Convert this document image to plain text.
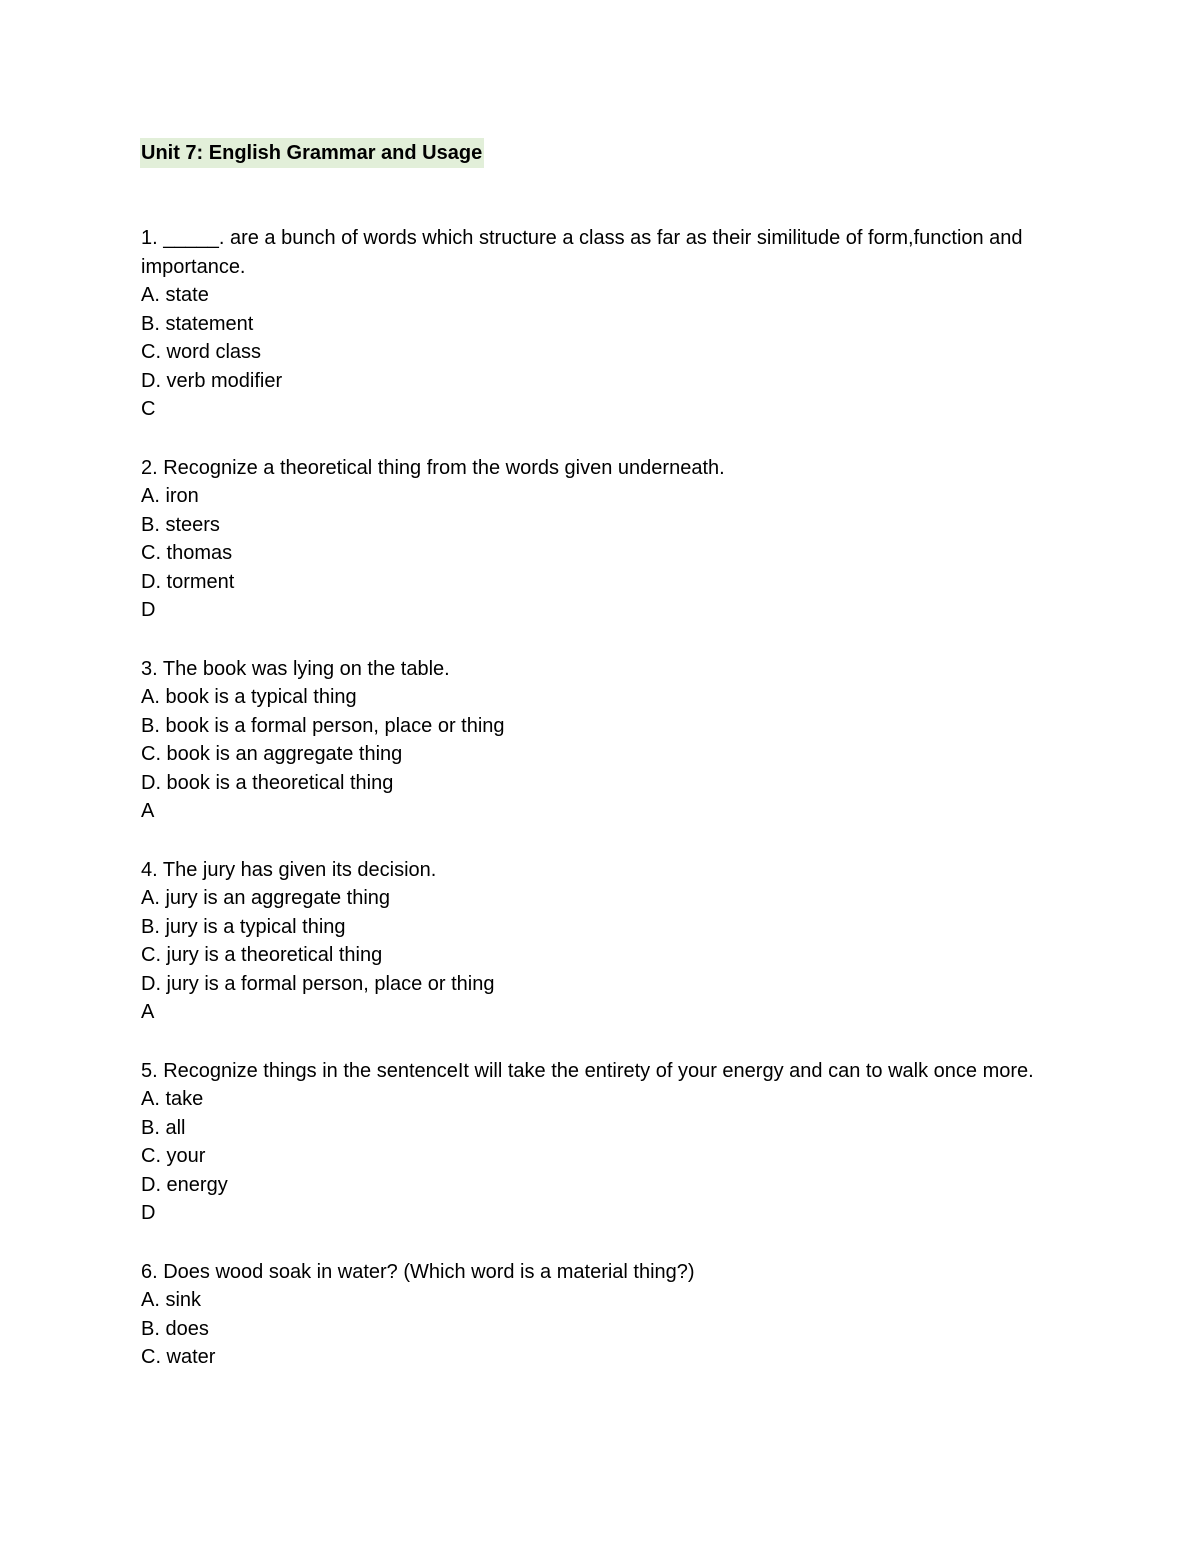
Unit 7: English Grammar and Usage
1. _____. are a bunch of words which structure a class as far as their similitude of form,function and importance.
A. state
B. statement
C. word class
D. verb modifier
C
2. Recognize a theoretical thing from the words given underneath.
A. iron
B. steers
C. thomas
D. torment
D
3. The book was lying on the table.
A. book is a typical thing
B. book is a formal person, place or thing
C. book is an aggregate thing
D. book is a theoretical thing
A
4. The jury has given its decision.
A. jury is an aggregate thing
B. jury is a typical thing
C. jury is a theoretical thing
D. jury is a formal person, place or thing
A
5. Recognize things in the sentenceIt will take the entirety of your energy and can to walk once more.
A. take
B. all
C. your
D. energy
D
6. Does wood soak in water? (Which word is a material thing?)
A. sink
B. does
C. water
